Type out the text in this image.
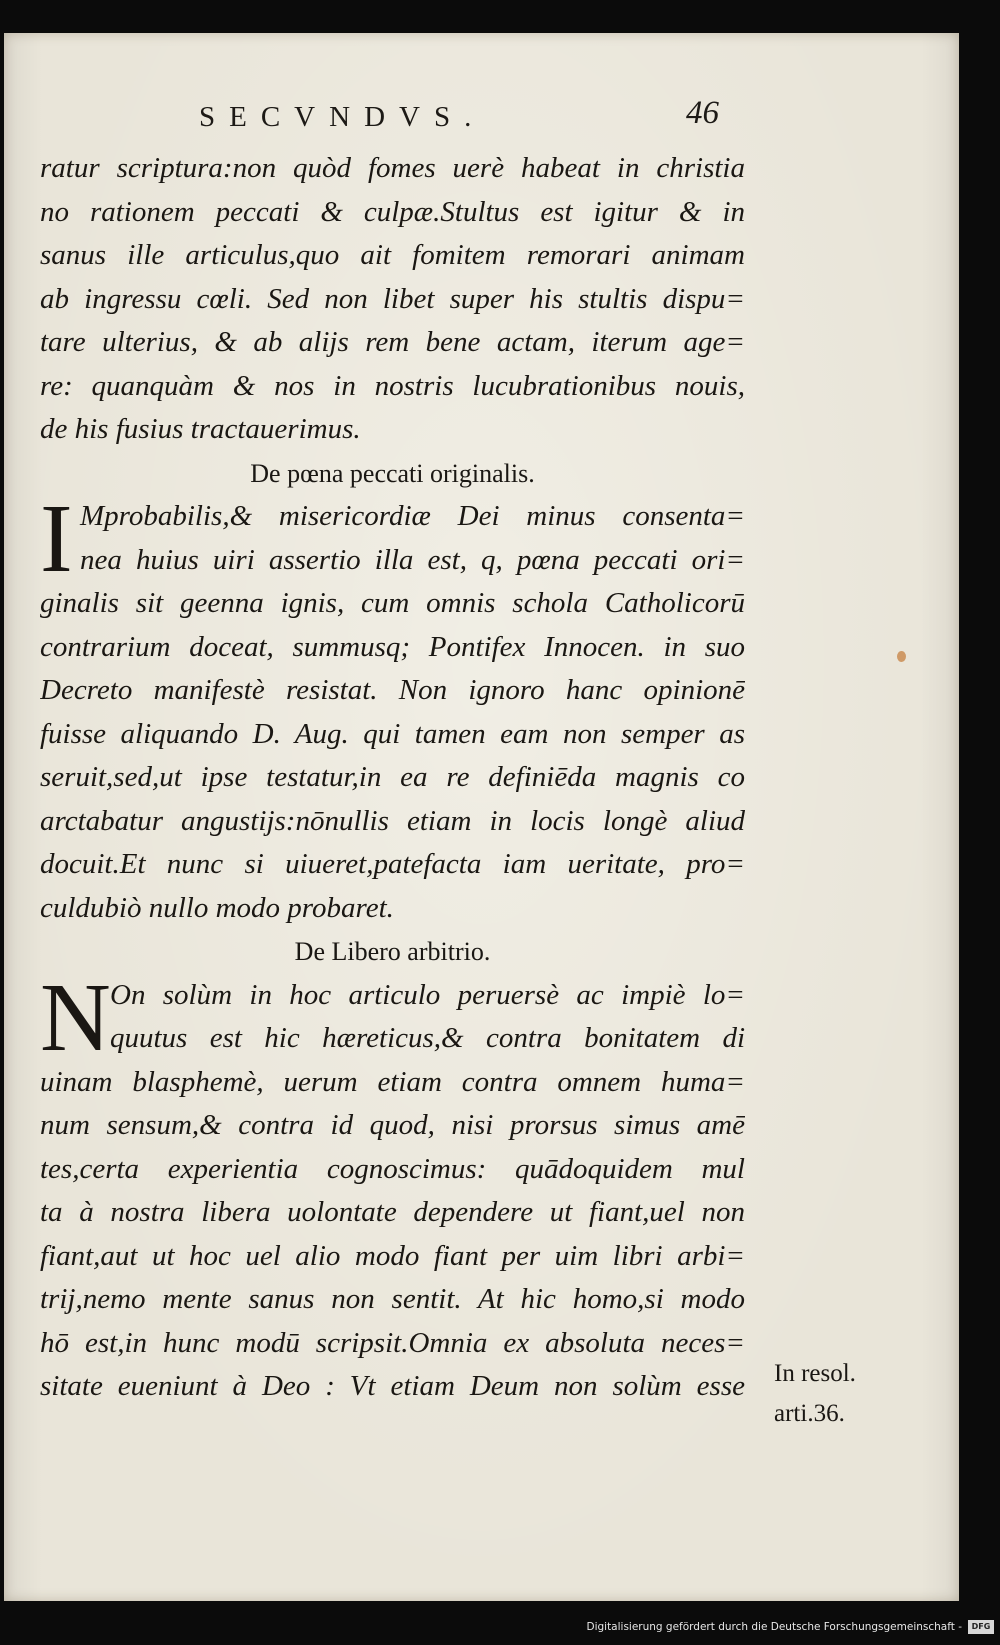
SECVNDVS.	46
ratur scriptura:non quòd fomes uerè habeat in christia
no rationem peccati & culpæ.Stultus est igitur & in
sanus ille articulus,quo ait fomitem remorari animam
ab ingressu cœli. Sed non libet super his stultis dispu=
tare ulterius, & ab alijs rem bene actam, iterum age=
re: quanquàm & nos in nostris lucubrationibus nouis,
de his fusius tractauerimus.
De pœna peccati originalis.
I Mprobabilis,& misericordiæ Dei minus consenta=
nea huius uiri assertio illa est, q, pœna peccati ori=
ginalis sit geenna ignis, cum omnis schola Catholicorū
contrarium doceat, summusq; Pontifex Innocen. in suo
Decreto manifestè resistat. Non ignoro hanc opinionē
fuisse aliquando D. Aug. qui tamen eam non semper as
seruit,sed,ut ipse testatur,in ea re definiēda magnis co
arctabatur angustijs:nōnullis etiam in locis longè aliud
docuit.Et nunc si uiueret,patefacta iam ueritate, pro=
culdubiò nullo modo probaret.
De Libero arbitrio.
N On solùm in hoc articulo peruersè ac impiè lo=
quutus est hic hæreticus,& contra bonitatem di
uinam blasphemè, uerum etiam contra omnem huma=
num sensum,& contra id quod, nisi prorsus simus amē
tes,certa experientia cognoscimus: quādoquidem mul
ta à nostra libera uolontate dependere ut fiant,uel non
fiant,aut ut hoc uel alio modo fiant per uim libri arbi=
trij,nemo mente sanus non sentit. At hic homo,si modo
hō est,in hunc modū scripsit.Omnia ex absoluta neces=
sitate eueniunt à Deo : Vt etiam Deum non solùm esse In resol.
arti.36.
Digitalisierung gefördert durch die Deutsche Forschungsgemeinschaft -	DFG
